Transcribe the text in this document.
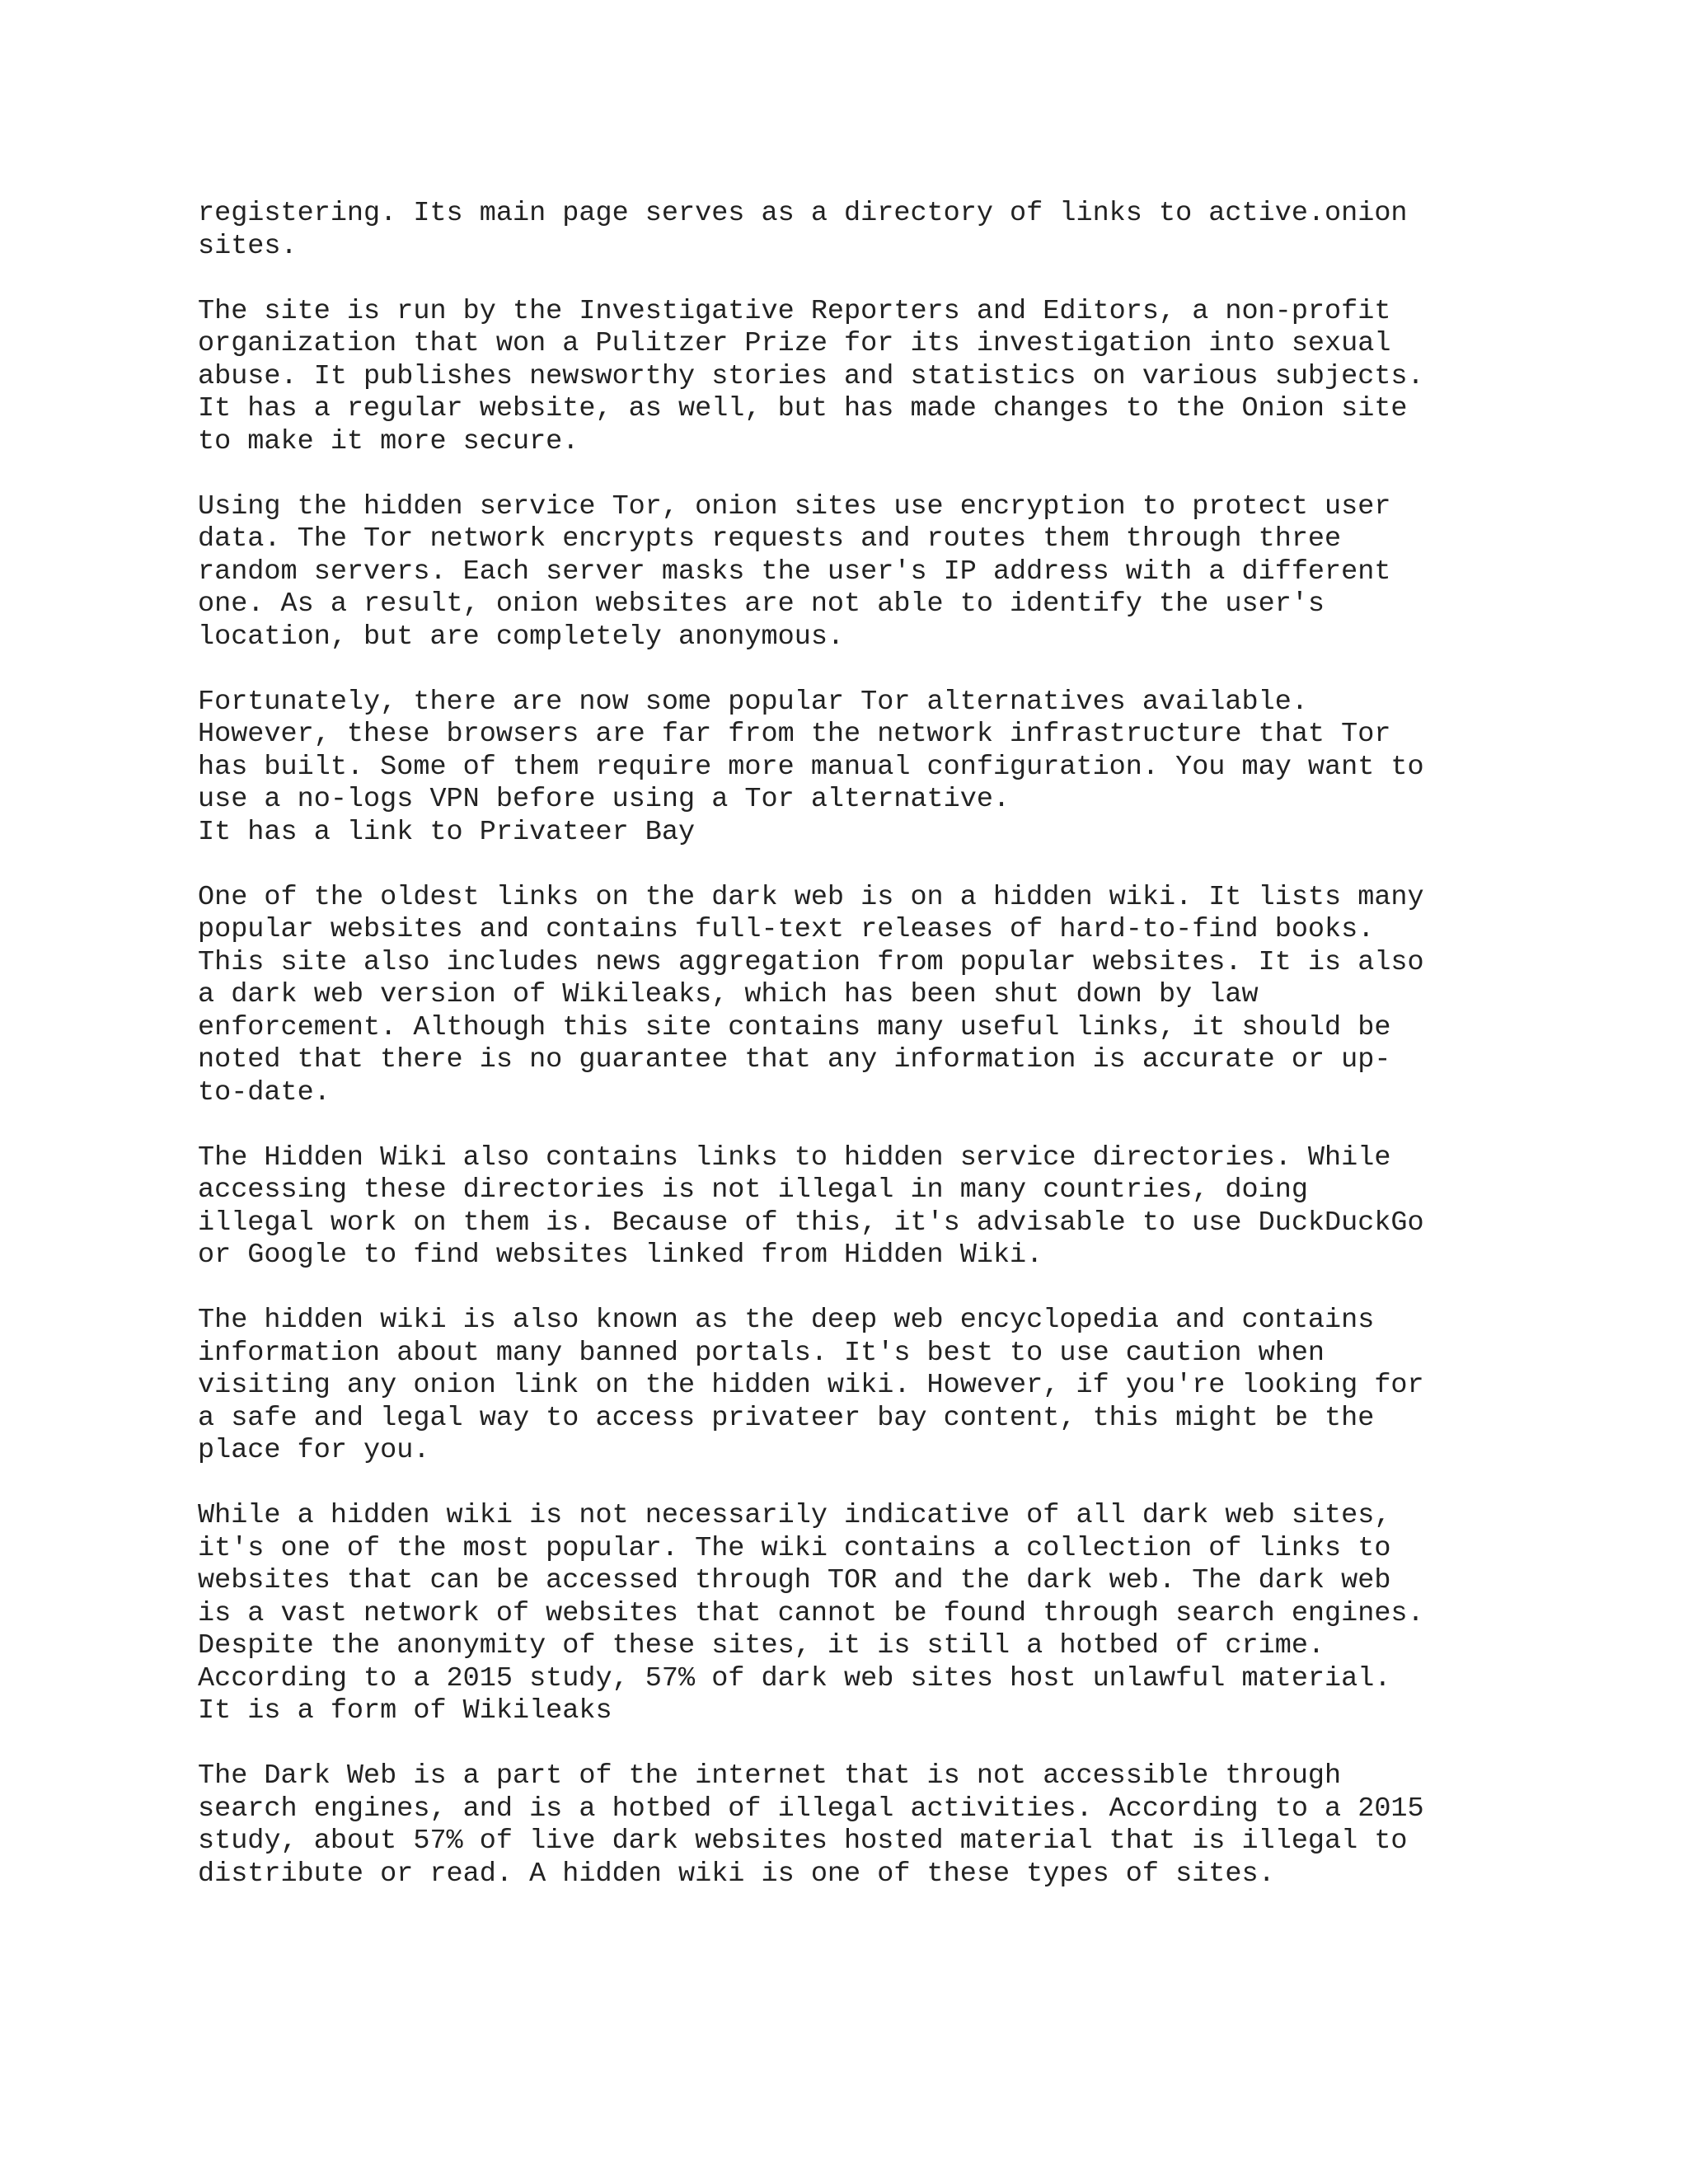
registering. Its main page serves as a directory of links to active.onion
sites.
The site is run by the Investigative Reporters and Editors, a non-profit
organization that won a Pulitzer Prize for its investigation into sexual
abuse. It publishes newsworthy stories and statistics on various subjects.
It has a regular website, as well, but has made changes to the Onion site
to make it more secure.
Using the hidden service Tor, onion sites use encryption to protect user
data. The Tor network encrypts requests and routes them through three
random servers. Each server masks the user's IP address with a different
one. As a result, onion websites are not able to identify the user's
location, but are completely anonymous.
Fortunately, there are now some popular Tor alternatives available.
However, these browsers are far from the network infrastructure that Tor
has built. Some of them require more manual configuration. You may want to
use a no-logs VPN before using a Tor alternative.
It has a link to Privateer Bay
One of the oldest links on the dark web is on a hidden wiki. It lists many
popular websites and contains full-text releases of hard-to-find books.
This site also includes news aggregation from popular websites. It is also
a dark web version of Wikileaks, which has been shut down by law
enforcement. Although this site contains many useful links, it should be
noted that there is no guarantee that any information is accurate or up-
to-date.
The Hidden Wiki also contains links to hidden service directories. While
accessing these directories is not illegal in many countries, doing
illegal work on them is. Because of this, it's advisable to use DuckDuckGo
or Google to find websites linked from Hidden Wiki.
The hidden wiki is also known as the deep web encyclopedia and contains
information about many banned portals. It's best to use caution when
visiting any onion link on the hidden wiki. However, if you're looking for
a safe and legal way to access privateer bay content, this might be the
place for you.
While a hidden wiki is not necessarily indicative of all dark web sites,
it's one of the most popular. The wiki contains a collection of links to
websites that can be accessed through TOR and the dark web. The dark web
is a vast network of websites that cannot be found through search engines.
Despite the anonymity of these sites, it is still a hotbed of crime.
According to a 2015 study, 57% of dark web sites host unlawful material.
It is a form of Wikileaks
The Dark Web is a part of the internet that is not accessible through
search engines, and is a hotbed of illegal activities. According to a 2015
study, about 57% of live dark websites hosted material that is illegal to
distribute or read. A hidden wiki is one of these types of sites.
